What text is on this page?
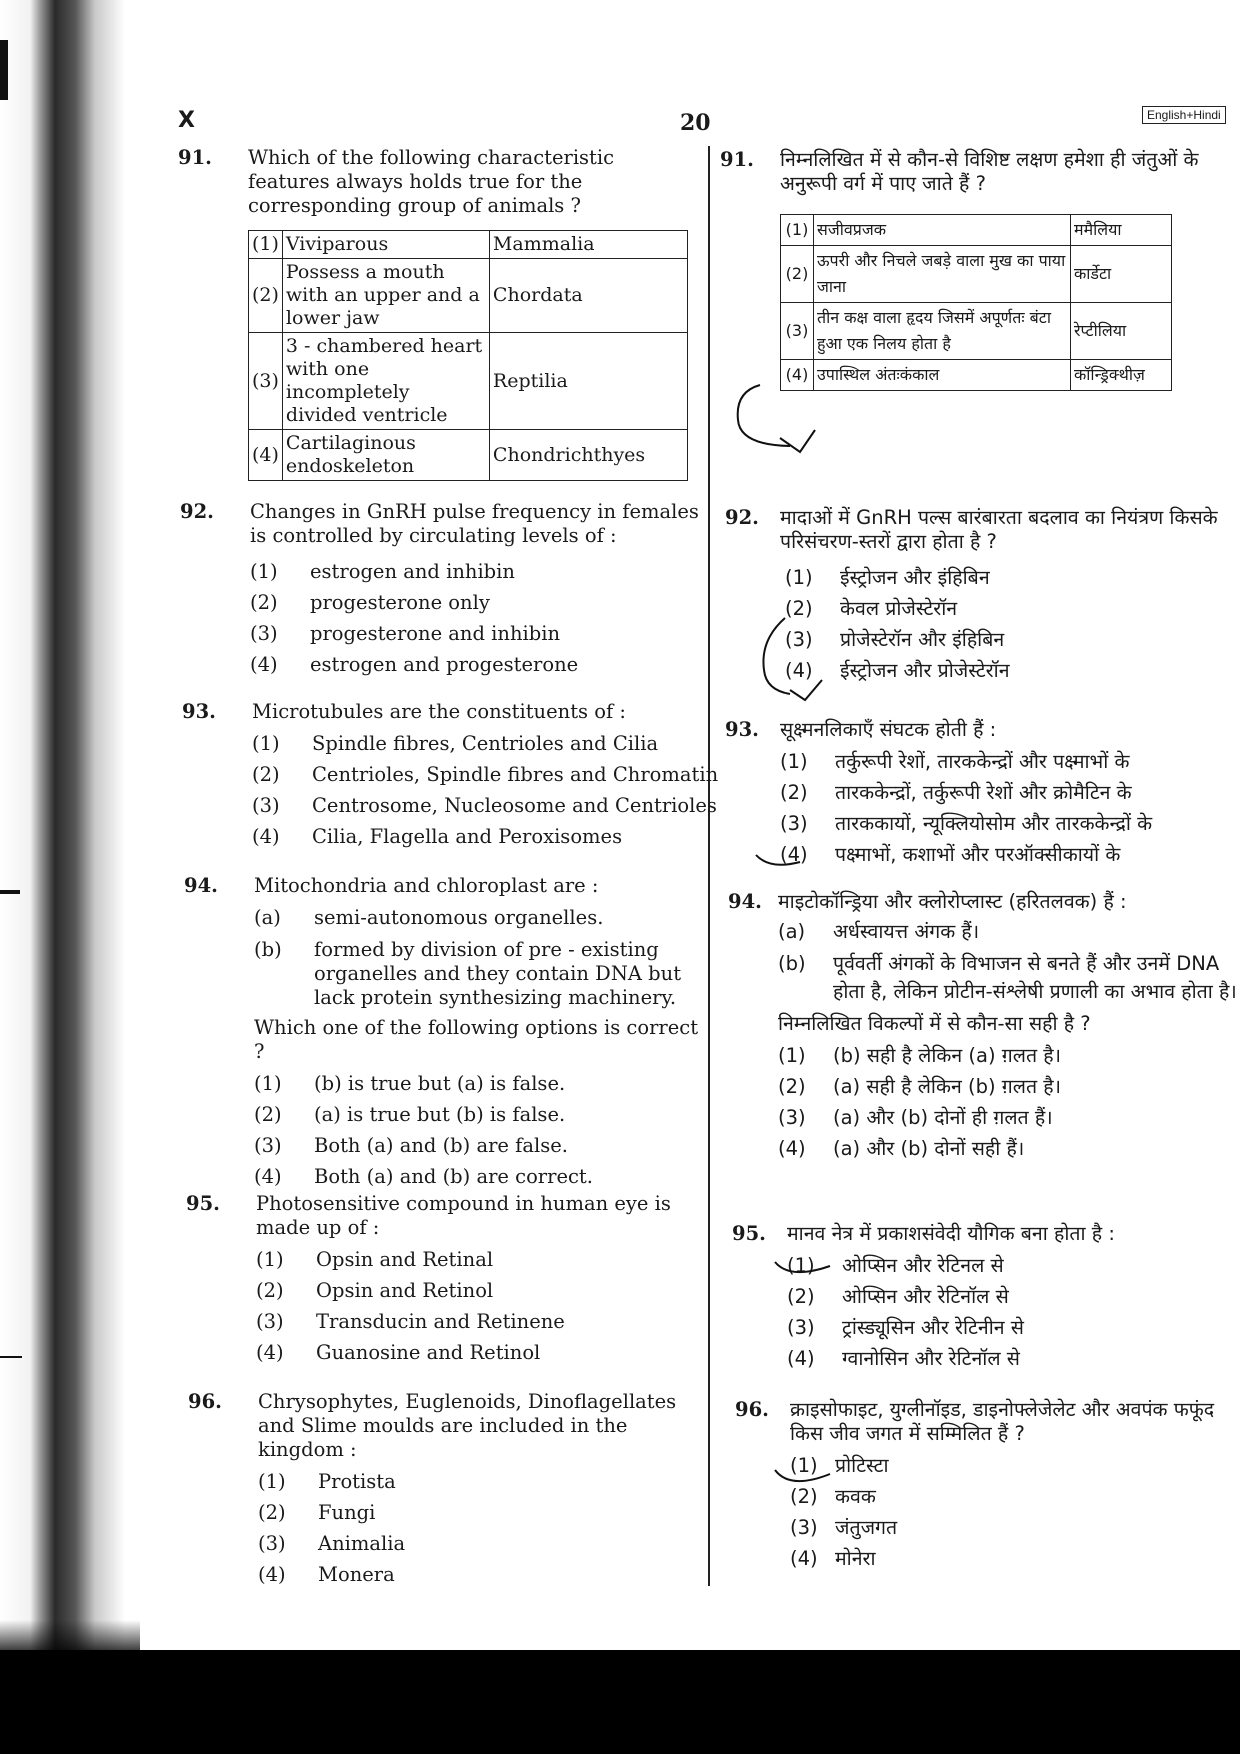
X	20	English+Hindi
91. Which of the following characteristic features always holds true for the corresponding group of animals ?
(1)	Viviparous	Mammalia
(2)	Possess a mouth with an upper and a lower jaw	Chordata
(3)	3 - chambered heart with one incompletely divided ventricle	Reptilia
(4)	Cartilaginous endoskeleton	Chondrichthyes
92. Changes in GnRH pulse frequency in females is controlled by circulating levels of :
(1)	estrogen and inhibin
(2)	progesterone only
(3)	progesterone and inhibin
(4)	estrogen and progesterone
93. Microtubules are the constituents of :
(1)	Spindle fibres, Centrioles and Cilia
(2)	Centrioles, Spindle fibres and Chromatin
(3)	Centrosome, Nucleosome and Centrioles
(4)	Cilia, Flagella and Peroxisomes
94. Mitochondria and chloroplast are :
(a)	semi-autonomous organelles.
(b)	formed by division of pre - existing organelles and they contain DNA but lack protein synthesizing machinery.
Which one of the following options is correct ?
(1)	(b) is true but (a) is false.
(2)	(a) is true but (b) is false.
(3)	Both (a) and (b) are false.
(4)	Both (a) and (b) are correct.
95. Photosensitive compound in human eye is made up of :
(1)	Opsin and Retinal
(2)	Opsin and Retinol
(3)	Transducin and Retinene
(4)	Guanosine and Retinol
96. Chrysophytes, Euglenoids, Dinoflagellates and Slime moulds are included in the kingdom :
(1)	Protista
(2)	Fungi
(3)	Animalia
(4)	Monera
91. निम्नलिखित में से कौन-से विशिष्ट लक्षण हमेशा ही जंतुओं के अनुरूपी वर्ग में पाए जाते हैं ?
(1)	सजीवप्रजक	ममैलिया
(2)	ऊपरी और निचले जबड़े वाला मुख का पाया जाना	कार्डेटा
(3)	तीन कक्ष वाला हृदय जिसमें अपूर्णतः बंटा हुआ एक निलय होता है	रेप्टीलिया
(4)	उपास्थिल अंतःकंकाल	कॉन्ड्रिक्थीज़
92. मादाओं में GnRH पल्स बारंबारता बदलाव का नियंत्रण किसके परिसंचरण-स्तरों द्वारा होता है ?
(1)	ईस्ट्रोजन और इंहिबिन
(2)	केवल प्रोजेस्टेरॉन
(3)	प्रोजेस्टेरॉन और इंहिबिन
(4)	ईस्ट्रोजन और प्रोजेस्टेरॉन
93. सूक्ष्मनलिकाएँ संघटक होती हैं :
(1)	तर्कुरूपी रेशों, तारककेन्द्रों और पक्ष्माभों के
(2)	तारककेन्द्रों, तर्कुरूपी रेशों और क्रोमैटिन के
(3)	तारककायों, न्यूक्लियोसोम और तारककेन्द्रों के
(4)	पक्ष्माभों, कशाभों और परऑक्सीकायों के
94. माइटोकॉन्ड्रिया और क्लोरोप्लास्ट (हरितलवक) हैं :
(a)	अर्धस्वायत्त अंगक हैं।
(b)	पूर्ववर्ती अंगकों के विभाजन से बनते हैं और उनमें DNA होता है, लेकिन प्रोटीन-संश्लेषी प्रणाली का अभाव होता है।
निम्नलिखित विकल्पों में से कौन-सा सही है ?
(1)	(b) सही है लेकिन (a) ग़लत है।
(2)	(a) सही है लेकिन (b) ग़लत है।
(3)	(a) और (b) दोनों ही ग़लत हैं।
(4)	(a) और (b) दोनों सही हैं।
95. मानव नेत्र में प्रकाशसंवेदी यौगिक बना होता है :
(1)	ओप्सिन और रेटिनल से
(2)	ओप्सिन और रेटिनॉल से
(3)	ट्रांस्ड्यूसिन और रेटिनीन से
(4)	ग्वानोसिन और रेटिनॉल से
96. क्राइसोफाइट, युग्लीनॉइड, डाइनोफ्लेजेलेट और अवपंक फफूंद किस जीव जगत में सम्मिलित हैं ?
(1) प्रोटिस्टा
(2) कवक
(3) जंतुजगत
(4) मोनेरा
